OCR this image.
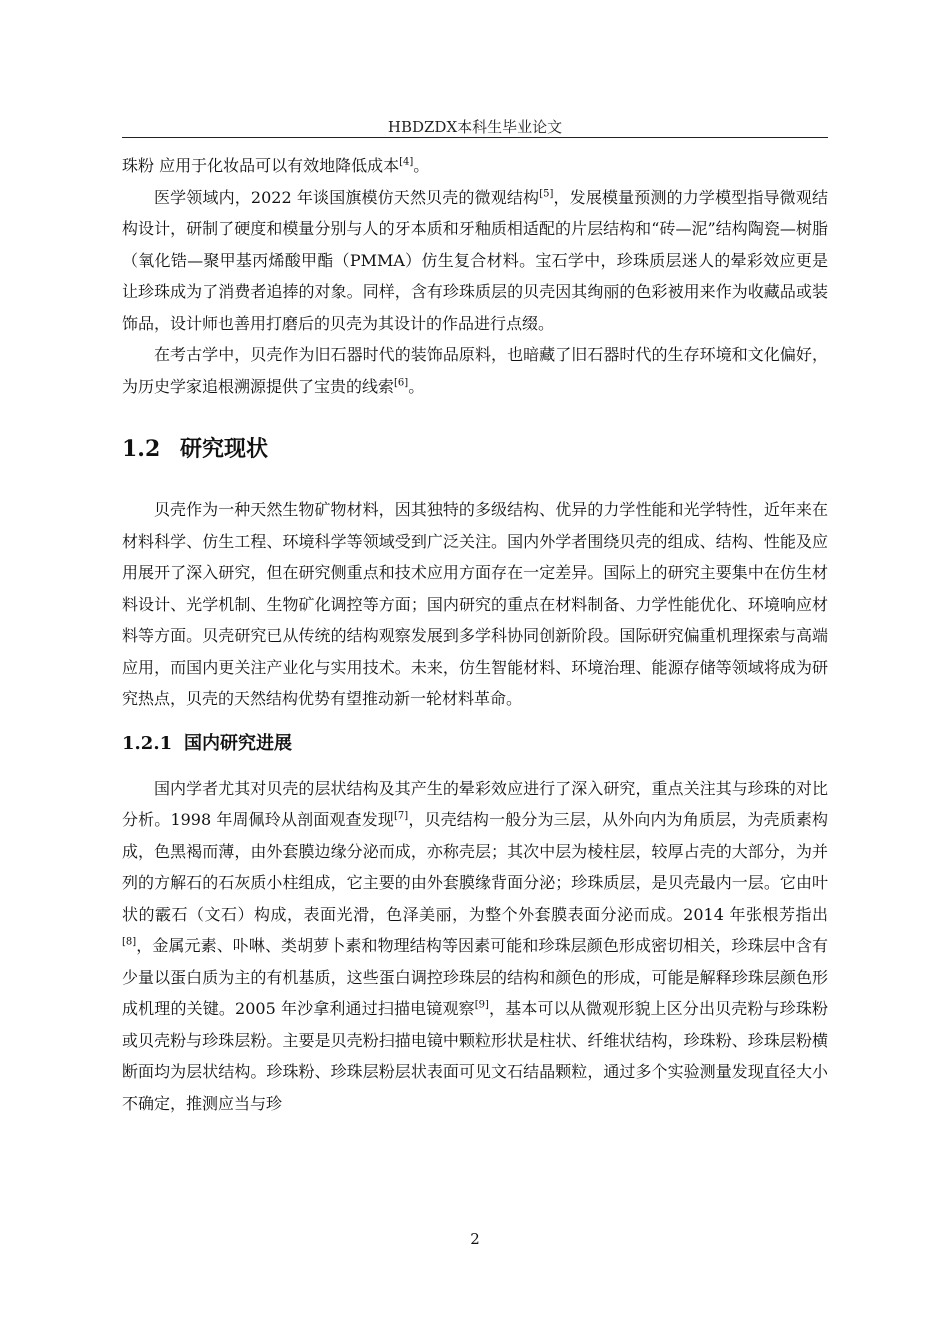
HBDZDX本科生毕业论文

珠粉 应用于化妆品可以有效地降低成本[4]。

医学领域内，2022 年谈国旗模仿天然贝壳的微观结构[5]，发展模量预测的力学模型指导微观结构设计，研制了硬度和模量分别与人的牙本质和牙釉质相适配的片层结构和“砖—泥”结构陶瓷—树脂（氧化锆—聚甲基丙烯酸甲酯（PMMA）仿生复合材料。宝石学中，珍珠质层迷人的晕彩效应更是让珍珠成为了消费者追捧的对象。同样，含有珍珠质层的贝壳因其绚丽的色彩被用来作为收藏品或装饰品，设计师也善用打磨后的贝壳为其设计的作品进行点缀。

在考古学中，贝壳作为旧石器时代的装饰品原料，也暗藏了旧石器时代的生存环境和文化偏好，为历史学家追根溯源提供了宝贵的线索[6]。

1.2 研究现状

贝壳作为一种天然生物矿物材料，因其独特的多级结构、优异的力学性能和光学特性，近年来在材料科学、仿生工程、环境科学等领域受到广泛关注。国内外学者围绕贝壳的组成、结构、性能及应用展开了深入研究，但在研究侧重点和技术应用方面存在一定差异。国际上的研究主要集中在仿生材料设计、光学机制、生物矿化调控等方面；国内研究的重点在材料制备、力学性能优化、环境响应材料等方面。贝壳研究已从传统的结构观察发展到多学科协同创新阶段。国际研究偏重机理探索与高端应用，而国内更关注产业化与实用技术。未来，仿生智能材料、环境治理、能源存储等领域将成为研究热点，贝壳的天然结构优势有望推动新一轮材料革命。

1.2.1 国内研究进展

国内学者尤其对贝壳的层状结构及其产生的晕彩效应进行了深入研究，重点关注其与珍珠的对比分析。1998 年周佩玲从剖面观查发现[7]，贝壳结构一般分为三层，从外向内为角质层，为壳质素构成，色黑褐而薄，由外套膜边缘分泌而成，亦称壳层；其次中层为棱柱层，较厚占壳的大部分，为并列的方解石的石灰质小柱组成，它主要的由外套膜缘背面分泌；珍珠质层，是贝壳最内一层。它由叶状的霰石（文石）构成，表面光滑，色泽美丽，为整个外套膜表面分泌而成。2014 年张根芳指出[8]，金属元素、卟啉、类胡萝卜素和物理结构等因素可能和珍珠层颜色形成密切相关，珍珠层中含有少量以蛋白质为主的有机基质，这些蛋白调控珍珠层的结构和颜色的形成，可能是解释珍珠层颜色形成机理的关键。2005 年沙拿利通过扫描电镜观察[9]，基本可以从微观形貌上区分出贝壳粉与珍珠粉或贝壳粉与珍珠层粉。主要是贝壳粉扫描电镜中颗粒形状是柱状、纤维状结构，珍珠粉、珍珠层粉横断面均为层状结构。珍珠粉、珍珠层粉层状表面可见文石结晶颗粒，通过多个实验测量发现直径大小不确定，推测应当与珍

2
